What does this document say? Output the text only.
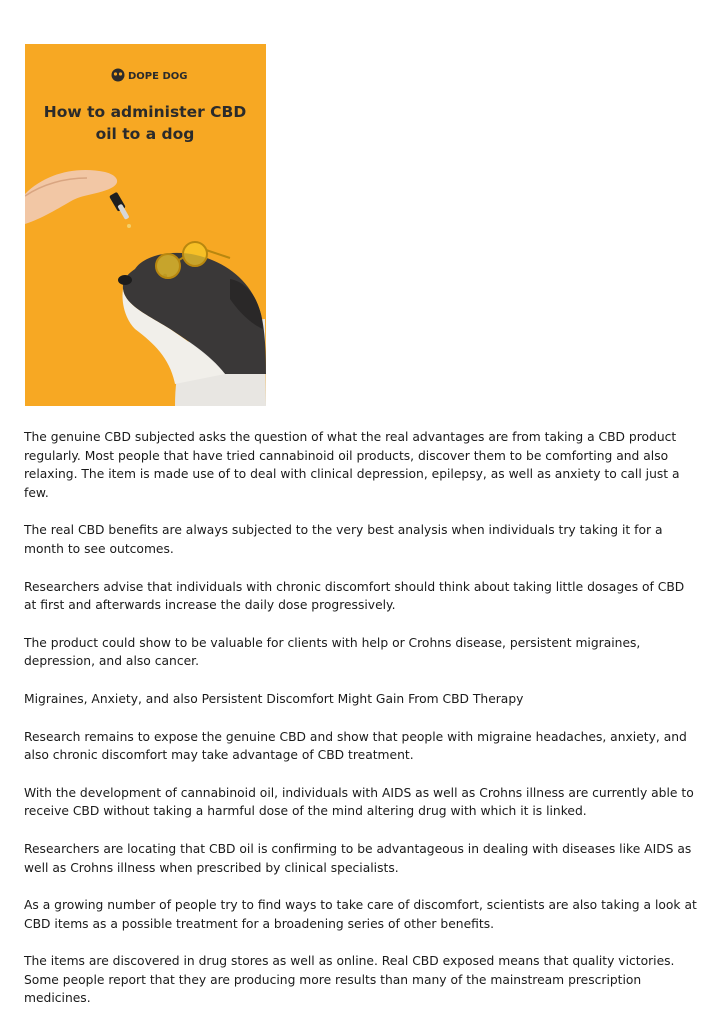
DOPE DOG
How to administer CBD
oil to a dog

The genuine CBD subjected asks the question of what the real advantages are from taking a CBD product regularly. Most people that have tried cannabinoid oil products, discover them to be comforting and also relaxing. The item is made use of to deal with clinical depression, epilepsy, as well as anxiety to call just a few.

The real CBD benefits are always subjected to the very best analysis when individuals try taking it for a month to see outcomes.

Researchers advise that individuals with chronic discomfort should think about taking little dosages of CBD at first and afterwards increase the daily dose progressively.

The product could show to be valuable for clients with help or Crohns disease, persistent migraines, depression, and also cancer.

Migraines, Anxiety, and also Persistent Discomfort Might Gain From CBD Therapy

Research remains to expose the genuine CBD and show that people with migraine headaches, anxiety, and also chronic discomfort may take advantage of CBD treatment.

With the development of cannabinoid oil, individuals with AIDS as well as Crohns illness are currently able to receive CBD without taking a harmful dose of the mind altering drug with which it is linked.

Researchers are locating that CBD oil is confirming to be advantageous in dealing with diseases like AIDS as well as Crohns illness when prescribed by clinical specialists.

As a growing number of people try to find ways to take care of discomfort, scientists are also taking a look at CBD items as a possible treatment for a broadening series of other benefits.

The items are discovered in drug stores as well as online. Real CBD exposed means that quality victories. Some people report that they are producing more results than many of the mainstream prescription medicines.
